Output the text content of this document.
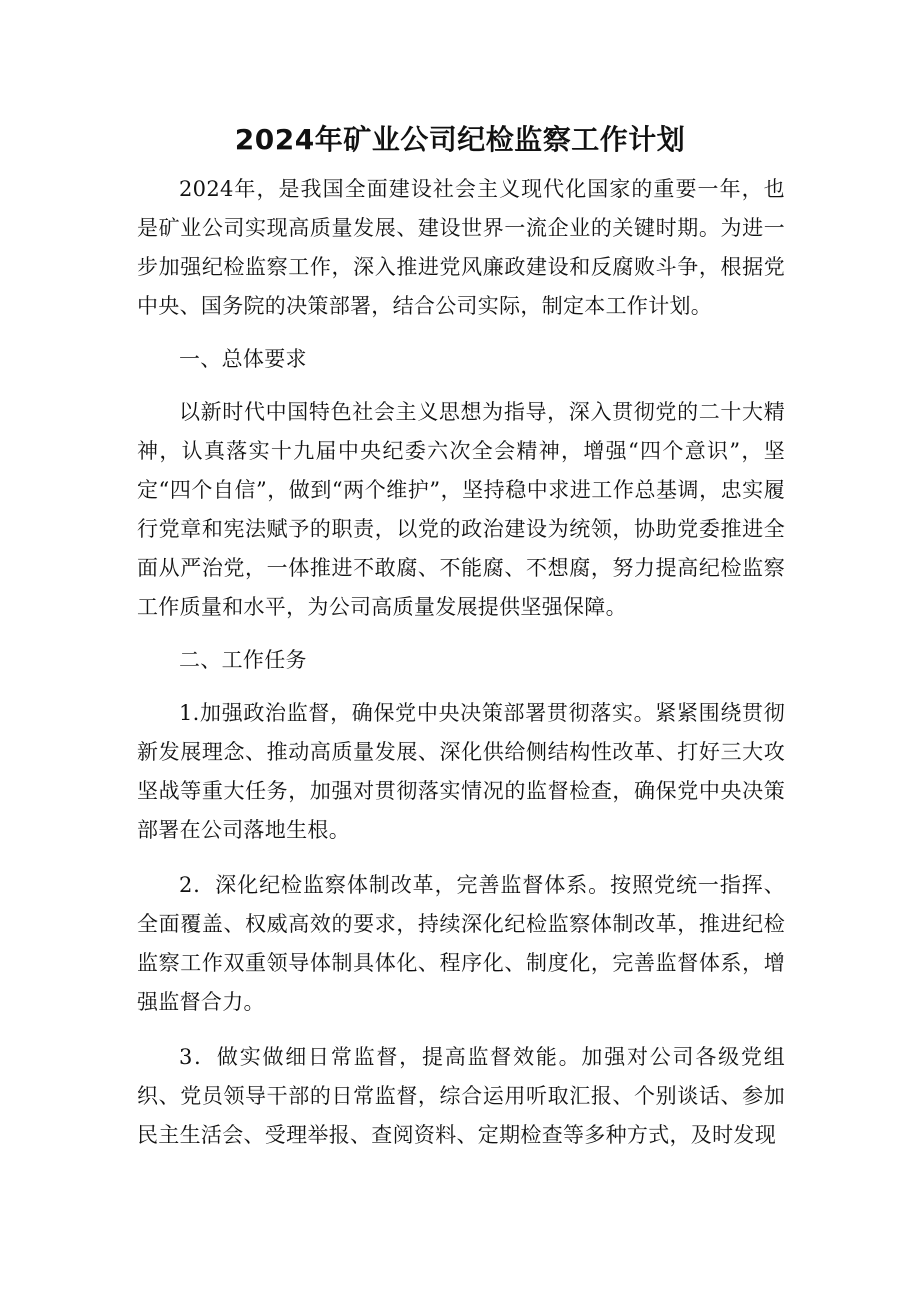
2024年矿业公司纪检监察工作计划

2024年，是我国全面建设社会主义现代化国家的重要一年，也是矿业公司实现高质量发展、建设世界一流企业的关键时期。为进一步加强纪检监察工作，深入推进党风廉政建设和反腐败斗争，根据党中央、国务院的决策部署，结合公司实际，制定本工作计划。

一、总体要求

以新时代中国特色社会主义思想为指导，深入贯彻党的二十大精神，认真落实十九届中央纪委六次全会精神，增强“四个意识”，坚定“四个自信”，做到“两个维护”，坚持稳中求进工作总基调，忠实履行党章和宪法赋予的职责，以党的政治建设为统领，协助党委推进全面从严治党，一体推进不敢腐、不能腐、不想腐，努力提高纪检监察工作质量和水平，为公司高质量发展提供坚强保障。

二、工作任务

1.加强政治监督，确保党中央决策部署贯彻落实。紧紧围绕贯彻新发展理念、推动高质量发展、深化供给侧结构性改革、打好三大攻坚战等重大任务，加强对贯彻落实情况的监督检查，确保党中央决策部署在公司落地生根。

2．深化纪检监察体制改革，完善监督体系。按照党统一指挥、全面覆盖、权威高效的要求，持续深化纪检监察体制改革，推进纪检监察工作双重领导体制具体化、程序化、制度化，完善监督体系，增强监督合力。

3．做实做细日常监督，提高监督效能。加强对公司各级党组织、党员领导干部的日常监督，综合运用听取汇报、个别谈话、参加民主生活会、受理举报、查阅资料、定期检查等多种方式，及时发现
